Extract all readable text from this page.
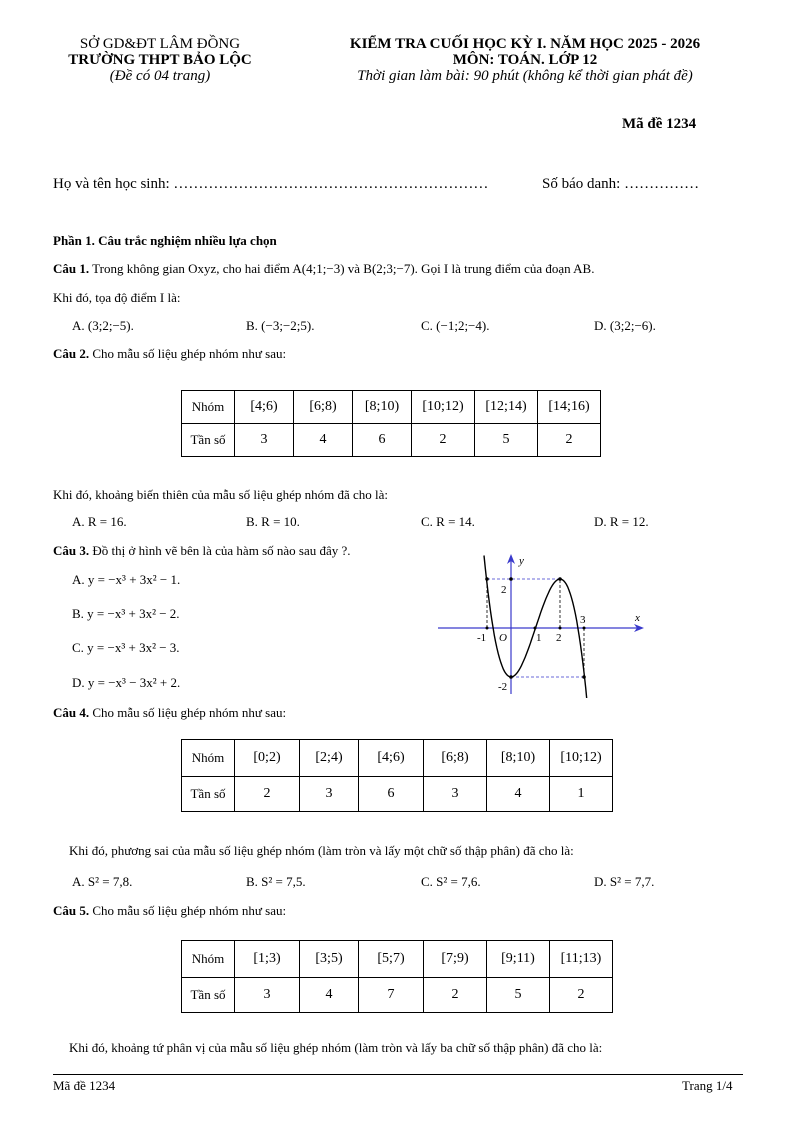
SỞ GD&ĐT LÂM ĐỒNG
TRƯỜNG THPT BẢO LỘC
(Đề có 04 trang)
KIỂM TRA CUỐI HỌC KỲ I. NĂM HỌC 2025 - 2026
MÔN: TOÁN. LỚP 12
Thời gian làm bài: 90 phút (không kể thời gian phát đề)
Mã đề 1234
Họ và tên học sinh: ………………………………………………………	Số báo danh: ……………
Phần 1. Câu trắc nghiệm nhiều lựa chọn
Câu 1. Trong không gian Oxyz, cho hai điểm A(4;1;−3) và B(2;3;−7). Gọi I là trung điểm của đoạn AB.
Khi đó, tọa độ điểm I là:
A. (3;2;−5).	B. (−3;−2;5).	C. (−1;2;−4).	D. (3;2;−6).
Câu 2. Cho mẫu số liệu ghép nhóm như sau:
Nhóm	[4;6)	[6;8)	[8;10)	[10;12)	[12;14)	[14;16)
Tần số	3	4	6	2	5	2
Khi đó, khoảng biến thiên của mẫu số liệu ghép nhóm đã cho là:
A. R = 16.	B. R = 10.	C. R = 14.	D. R = 12.
Câu 3. Đồ thị ở hình vẽ bên là của hàm số nào sau đây ?.
A. y = −x³ + 3x² − 1.
B. y = −x³ + 3x² − 2.
C. y = −x³ + 3x² − 3.
D. y = −x³ − 3x² + 2.
x
y
O
-1	1 2
3
2
-2
Câu 4. Cho mẫu số liệu ghép nhóm như sau:
Nhóm	[0;2)	[2;4)	[4;6)	[6;8)	[8;10)	[10;12)
Tần số	2	3	6	3	4	1
Khi đó, phương sai của mẫu số liệu ghép nhóm (làm tròn và lấy một chữ số thập phân) đã cho là:
A. S² = 7,8.	B. S² = 7,5.	C. S² = 7,6.	D. S² = 7,7.
Câu 5. Cho mẫu số liệu ghép nhóm như sau:
Nhóm	[1;3)	[3;5)	[5;7)	[7;9)	[9;11)	[11;13)
Tần số	3	4	7	2	5	2
Khi đó, khoảng tứ phân vị của mẫu số liệu ghép nhóm (làm tròn và lấy ba chữ số thập phân) đã cho là:
Mã đề 1234	Trang 1/4
